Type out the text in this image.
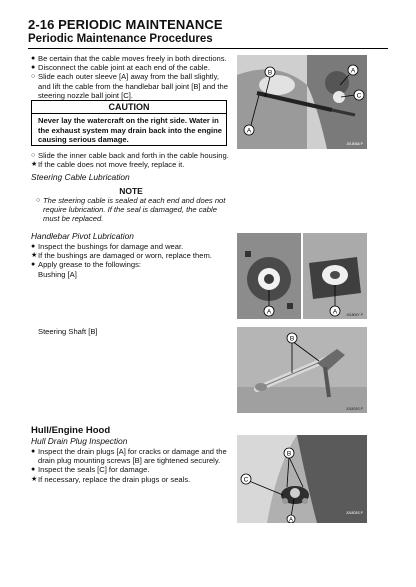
2-16 PERIODIC MAINTENANCE
Periodic Maintenance Procedures
● Be certain that the cable moves freely in both directions.
● Disconnect the cable joint at each end of the cable.
○ Slide each outer sleeve [A] away from the ball slightly, and lift the cable from the handlebar ball joint [B] and the steering nozzle ball joint [C].
CAUTION
Never lay the watercraft on the right side. Water in the exhaust system may drain back into the engine causing serious damage.
○ Slide the inner cable back and forth in the cable housing.
★ If the cable does not move freely, replace it.
Steering Cable Lubrication
NOTE
○ The steering cable is sealed at each end and does not require lubrication. If the seal is damaged, the cable must be replaced.
Handlebar Pivot Lubrication
● Inspect the bushings for damage and wear.
★ If the bushings are damaged or worn, replace them.
● Apply grease to the followings:
Bushing [A]
Steering Shaft [B]
Hull/Engine Hood
Hull Drain Plug Inspection
● Inspect the drain plugs [A] for cracks or damage and the drain plug mounting screws [B] are tightened securely.
● Inspect the seals [C] for damage.
★ If necessary, replace the drain plugs or seals.
B	A
C
A
J01806A P
A	A	J01805Y P
B
J01803S P
B
C
A
J01803S P
